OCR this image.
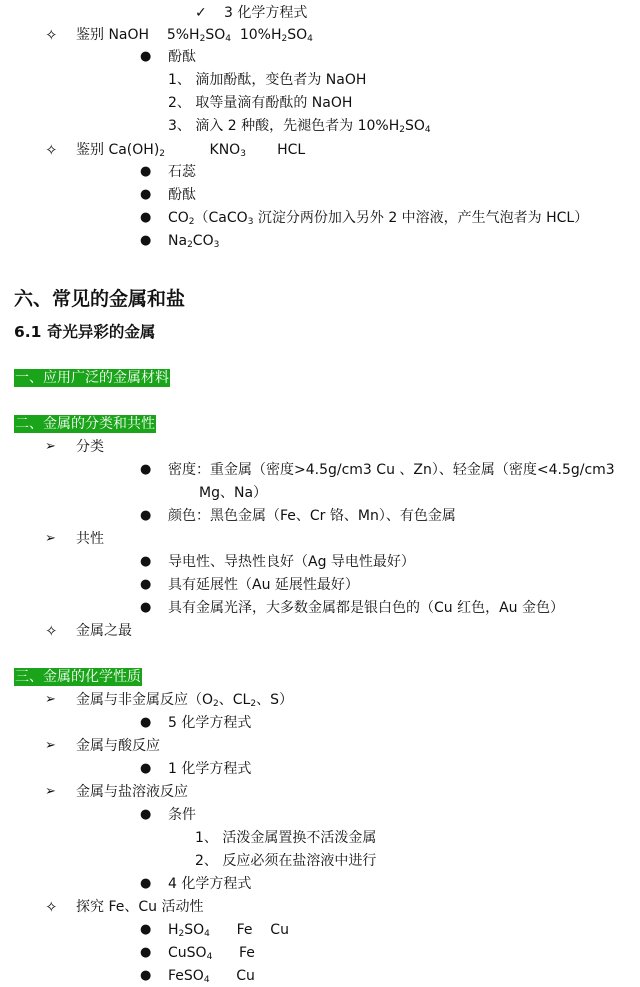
✓ 3 化学方程式
✧ 鉴别 NaOH    $5\%H_2SO_4$  $10\%H_2SO_4$
● 酚酞
1、 滴加酚酞，变色者为 NaOH
2、 取等量滴有酚酞的 NaOH
3、 滴入 2 种酸，先褪色者为 $10\%H_2SO_4$
✧ 鉴别 $Ca(OH)_2$          $KNO_3$       HCL
● 石蕊
● 酚酞
● $CO_2(CaCO_3$ 沉淀分两份加入另外 2 中溶液，产生气泡者为 HCL）
● $Na_2CO_3$
六、常见的金属和盐
6.1 奇光异彩的金属
一、应用广泛的金属材料
二、金属的分类和共性
➢ 分类
● 密度：重金属（密度>4.5g/cm3 Cu 、Zn）、轻金属（密度<4.5g/cm3
Mg、Na）
● 颜色：黑色金属（Fe、Cr 铬、Mn）、有色金属
➢ 共性
● 导电性、导热性良好（Ag 导电性最好）
● 具有延展性（Au 延展性最好）
● 具有金属光泽，大多数金属都是银白色的（Cu 红色，Au 金色）
✧ 金属之最
三、金属的化学性质
➢ 金属与非金属反应（$O_2$、$CL_2$、S）
● 5 化学方程式
➢ 金属与酸反应
● 1 化学方程式
➢ 金属与盐溶液反应
● 条件
1、 活泼金属置换不活泼金属
2、 反应必须在盐溶液中进行
● 4 化学方程式
✧ 探究 Fe、Cu 活动性
● $H_2SO_4$      Fe    Cu
● CuSO$_4$      Fe
● FeSO$_4$      Cu
